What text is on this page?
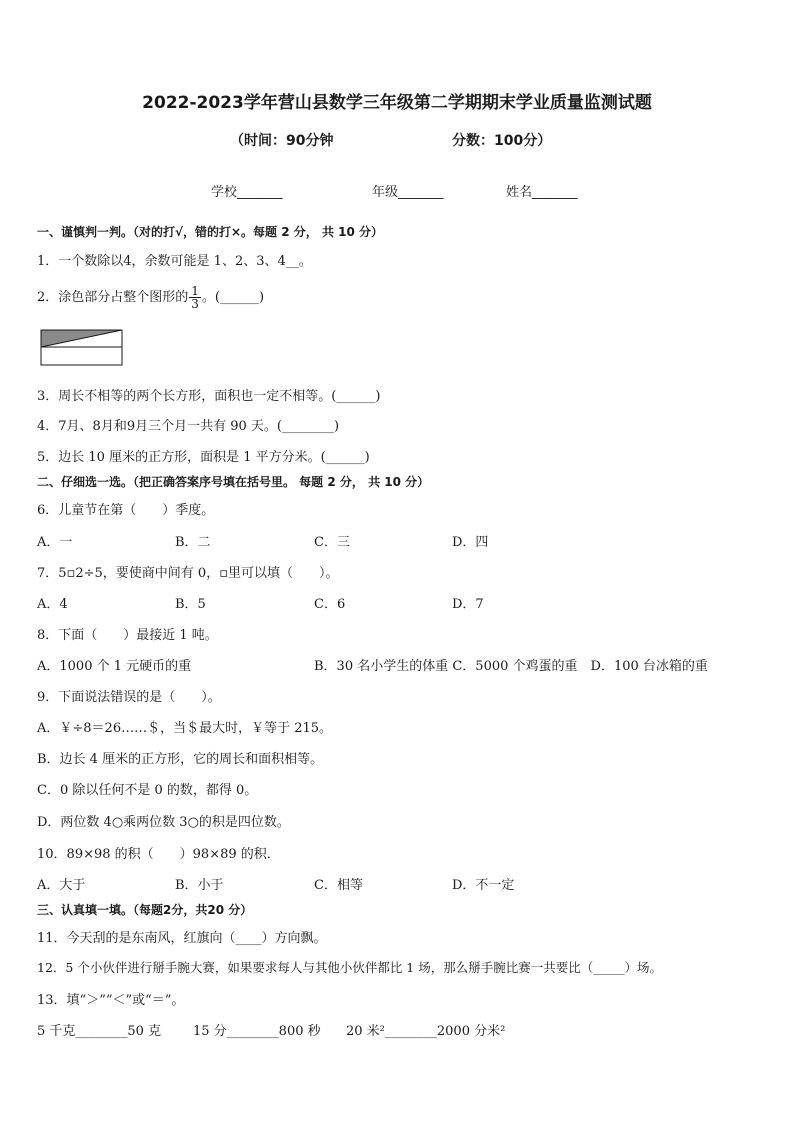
2022-2023学年营山县数学三年级第二学期期末学业质量监测试题
（时间：90分钟	分数：100分）
学校_______	年级_______	姓名_______
一、谨慎判一判。（对的打√，错的打×。每题 2 分， 共 10 分）
1．一个数除以4，余数可能是 1、2、3、4__。
2．涂色部分占整个图形的 $\frac{1}{3}$ 。(______)
3．周长不相等的两个长方形，面积也一定不相等。(______)
4．7月、8月和9月三个月一共有 90 天。(________)
5．边长 10 厘米的正方形，面积是 1 平方分米。(______)
二、仔细选一选。（把正确答案序号填在括号里。 每题 2 分， 共 10 分）
6．儿童节在第（　　）季度。
A．一	B．二	C．三	D．四
7．5▫2÷5，要使商中间有 0，▫里可以填（　　）。
A．4	B．5	C．6	D．7
8．下面（　　）最接近 1 吨。
A．1000 个 1 元硬币的重	B．30 名小学生的体重 C．5000 个鸡蛋的重　D．100 台冰箱的重
9．下面说法错误的是（　　）。
A．￥÷8＝26……＄，当＄最大时，￥等于 215。
B．边长 4 厘米的正方形，它的周长和面积相等。
C．0 除以任何不是 0 的数，都得 0。
D．两位数 4○乘两位数 3○的积是四位数。
10．89×98 的积（　　）98×89 的积．
A．大于	B．小于	C．相等	D．不一定
三、认真填一填。（每题2分，共20 分）
11．今天刮的是东南风，红旗向（____）方向飘。
12．5 个小伙伴进行掰手腕大赛，如果要求每人与其他小伙伴都比 1 场，那么掰手腕比赛一共要比（_____）场。
13．填“＞”“＜”或“＝”。
5 千克________50 克 15 分________800 秒 20 米²________2000 分米²
